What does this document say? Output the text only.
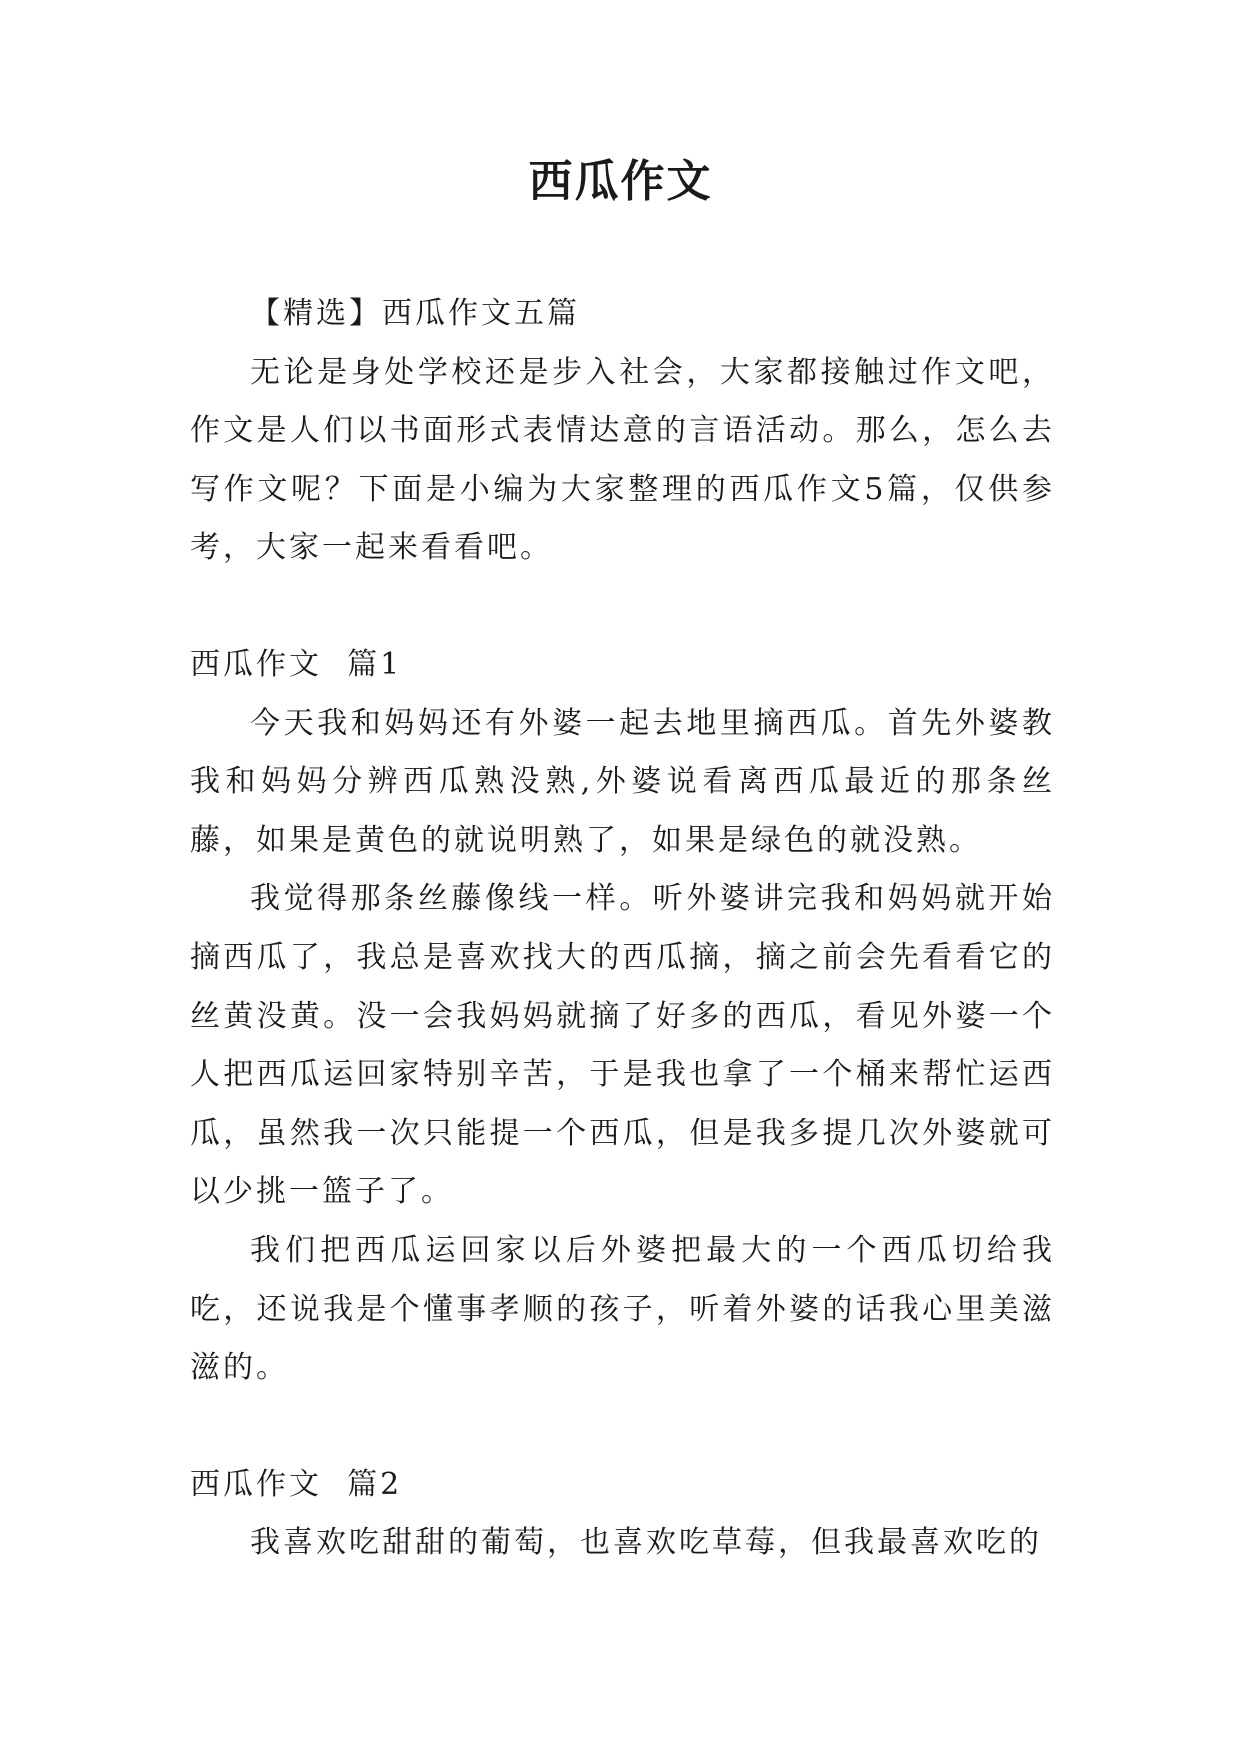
西瓜作文

【精选】西瓜作文五篇

无论是身处学校还是步入社会，大家都接触过作文吧，作文是人们以书面形式表情达意的言语活动。那么，怎么去写作文呢？下面是小编为大家整理的西瓜作文5篇，仅供参考，大家一起来看看吧。

西瓜作文  篇1

今天我和妈妈还有外婆一起去地里摘西瓜。首先外婆教我和妈妈分辨西瓜熟没熟,外婆说看离西瓜最近的那条丝藤，如果是黄色的就说明熟了，如果是绿色的就没熟。

我觉得那条丝藤像线一样。听外婆讲完我和妈妈就开始摘西瓜了，我总是喜欢找大的西瓜摘，摘之前会先看看它的丝黄没黄。没一会我妈妈就摘了好多的西瓜，看见外婆一个人把西瓜运回家特别辛苦，于是我也拿了一个桶来帮忙运西瓜，虽然我一次只能提一个西瓜，但是我多提几次外婆就可以少挑一篮子了。

我们把西瓜运回家以后外婆把最大的一个西瓜切给我吃，还说我是个懂事孝顺的孩子，听着外婆的话我心里美滋滋的。

西瓜作文  篇2

我喜欢吃甜甜的葡萄，也喜欢吃草莓，但我最喜欢吃的
